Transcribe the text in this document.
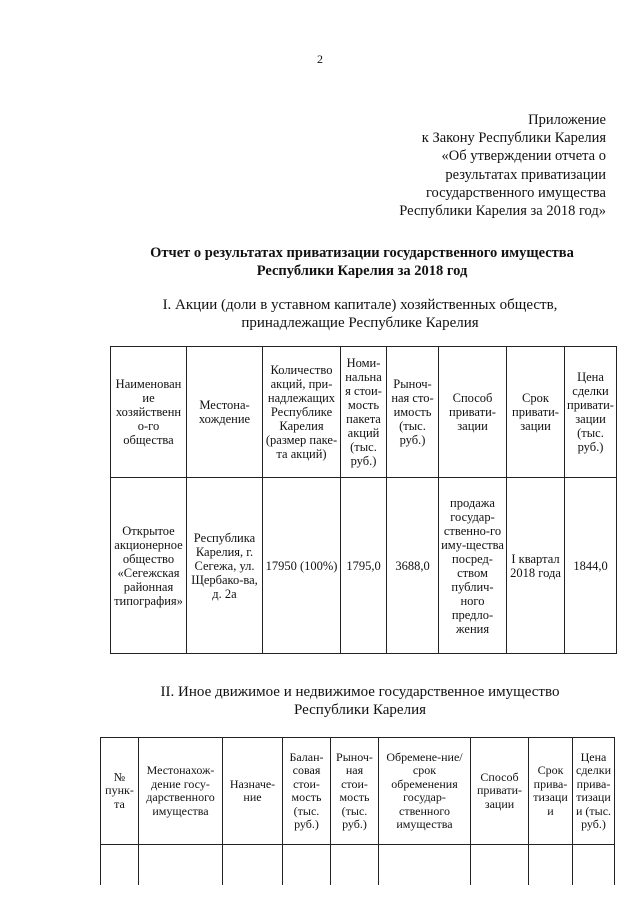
2
Приложение
к Закону Республики Карелия
«Об утверждении отчета о
результатах приватизации
государственного имущества
Республики Карелия за 2018 год»
Отчет о результатах приватизации государственного имущества
Республики Карелия за 2018 год
I. Акции (доли в уставном капитале) хозяйственных обществ,
принадлежащие Республике Карелия
Наименование хозяйственно-го общества	Местона-хождение	Количество акций, при-надлежащих Республике Карелия (размер паке-та акций)	Номи-нальная стои-мость пакета акций (тыс. руб.)	Рыноч-ная сто-имость (тыс. руб.)	Способ привати-зации	Срок привати-зации	Цена сделки привати-зации (тыс. руб.)
Открытое акционерное общество «Сегежская районная типография»	Республика Карелия, г. Сегежа, ул. Щербако-ва, д. 2а	17950 (100%)	1795,0	3688,0	продажа государ-ственно-го иму-щества посред-ством публич-ного предло-жения	I квартал 2018 года	1844,0
II. Иное движимое и недвижимое государственное имущество
Республики Карелия
№ пунк-та	Местонахож-дение госу-дарственного имущества	Назначе-ние	Балан-совая стои-мость (тыс. руб.)	Рыноч-ная стои-мость (тыс. руб.)	Обремене-ние/срок обременения государ-ственного имущества	Способ привати-зации	Срок прива-тизации	Цена сделки прива-тизации (тыс. руб.)
